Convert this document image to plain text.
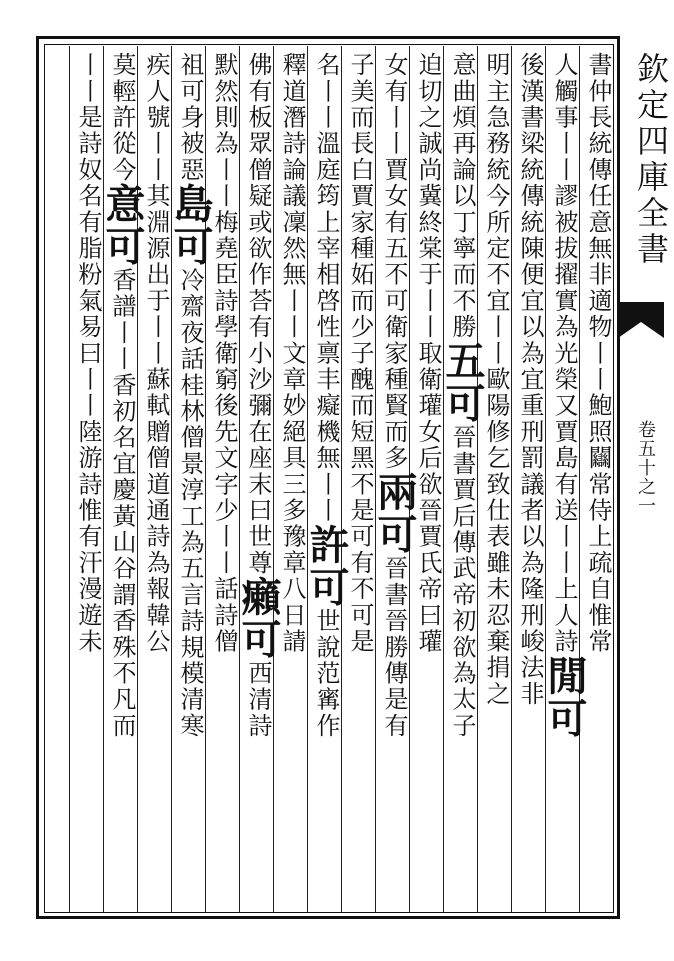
欽定四庫全書
卷五十之一
書仲長統傳任意無非適物丨丨鮑照𨷻常侍上疏自惟常
人觸事丨丨謬被拔擢實為光榮又賈島有送丨丨上人詩閒可
後漢書梁統傳統陳便宜以為宜重刑罰議者以為隆刑峻法非
明主急務統今所定不宜丨丨歐陽修乞致仕表雖未忍棄捐之
意曲煩再論以丁寧而不勝五可晉書賈后傳武帝初欲為太子
迫切之誠尚冀終棠于丨丨取衛瓘女后欲晉賈氏帝曰瓘
女有丨丨賈女有五不可衛家種賢而多兩可晉書晉勝傳是有
子美而長白賈家種妬而少子醜而短黑不是可有不可是
名丨丨溫庭筠上宰相啓性禀丰癡機無丨丨許可世說范寗作
釋道潛詩論議凜然無丨丨文章妙絕具三多豫章八日請
佛有板眾僧疑或欲作荅有小沙彌在座末曰世尊癩可西清詩
默然則為丨丨梅堯臣詩學衛窮後先文字少丨丨話詩僧
祖可身被惡島可冷齋夜話桂林僧景淳工為五言詩規模清寒
疾人號丨丨其淵源出于丨丨蘇軾贈僧道通詩為報韓公
莫輕許從今意可香譜丨丨香初名宜慶黃山谷謂香殊不凡而
丨丨是詩奴名有脂粉氣易曰丨丨陸游詩惟有汗漫遊未
